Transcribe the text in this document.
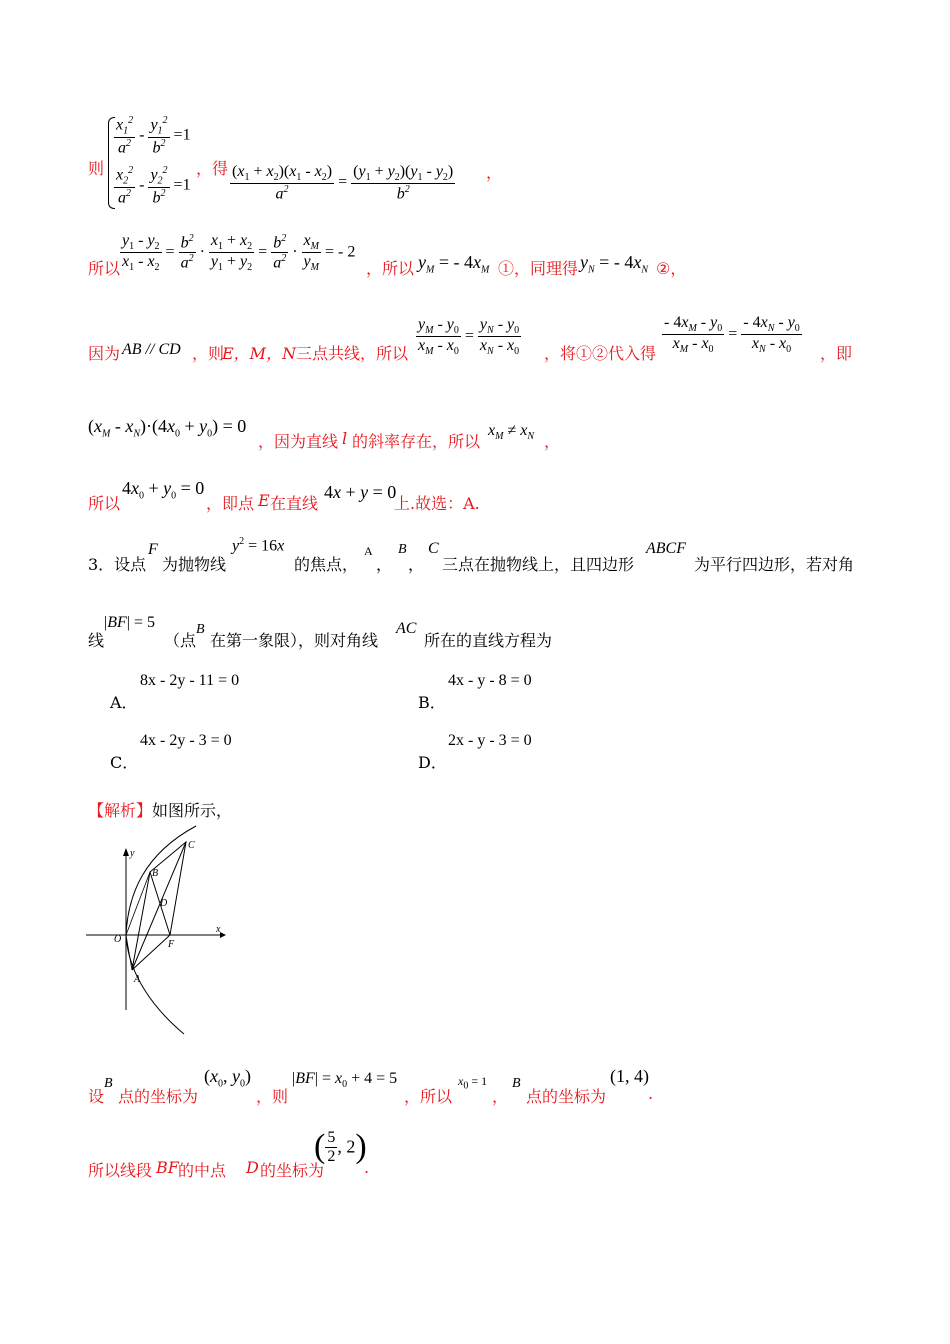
则
$\frac{x_1^2}{a^2} - \frac{y_1^2}{b^2} =1$
$\frac{x_2^2}{a^2} - \frac{y_2^2}{b^2} =1$
，得 $\frac{(x_1 + x_2)(x_1 - x_2)}{a^2} = \frac{(y_1 + y_2)(y_1 - y_2)}{b^2}$ ，
所以 $\frac{y_1 - y_2}{x_1 - x_2} = \frac{b^2}{a^2} \cdot \frac{x_1 + x_2}{y_1 + y_2} = \frac{b^2}{a^2} \cdot \frac{x_M}{y_M}$ = - 2
，所以 $y_M$ = - $4x_M$ ①，同理得 $y_N$ = - $4x_N$ ②，
因为 AB // CD ，则
E，M，N 三点共线，所以 $\frac{y_M - y_0}{x_M - x_0} = \frac{y_N - y_0}{x_N - x_0}$ ，将①②代入得 $\frac{- 4x_M - y_0}{x_M - x_0} = \frac{- 4x_N - y_0}{x_N - x_0}$ ，即
$(x_M - x_N)\cdot(4x_0 + y_0) = 0$
，因为直线 l 的斜率存在，所以
$x_M \ne x_N$ ，
所以
$4x_0 + y_0 = 0$
，即点 E 在直线
4x + y = 0
上.故选：A.
3．设点
F
为抛物线
$y^2 = 16x$
的焦点，
A
，
B
，
C
三点在抛物线上，且四边形
ABCF
为平行四边形，若对角
线
|BF| = 5
（点
B
在第一象限），则对角线
AC
所在的直线方程为
A．
8x - 2y - 11 = 0
B．
4x - y - 8 = 0
C．
4x - 2y - 3 = 0
D．
2x - y - 3 = 0
【解析】如图所示，
y
x
O
A
B
C
D
F
设
B
点的坐标为
($x_0$, $y_0$)
，则
$|BF| = x_0 + 4 = 5$
，所以
$x_0 = 1$
，
B
点的坐标为
(1, 4)
.
所以线段 BF 的中点 D 的坐标为
( $\frac{5}{2}$ , 2)
.
